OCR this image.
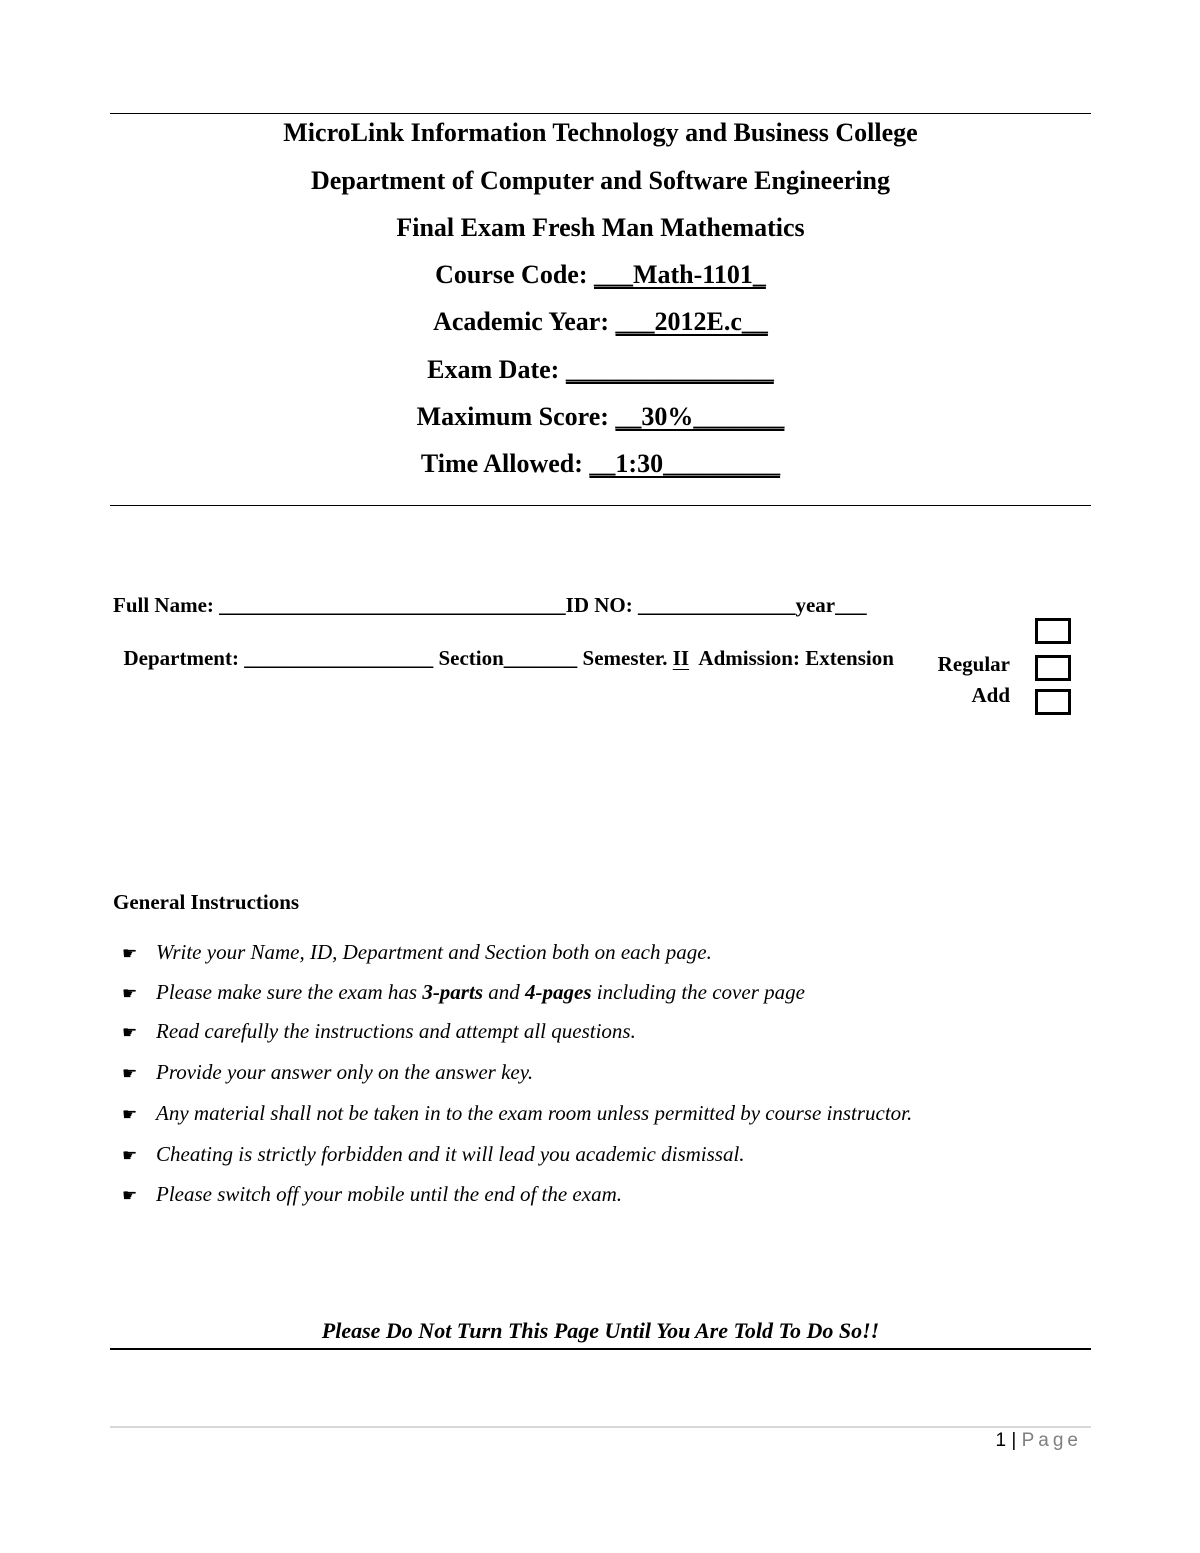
MicroLink Information Technology and Business College
Department of Computer and Software Engineering
Final Exam Fresh Man Mathematics
Course Code: ___Math-1101_
Academic Year: ___2012E.c__
Exam Date: ________________
Maximum Score: __30%_______
Time Allowed: __1:30_________
Full Name: _________________________________ID NO: _______________year___

Department: __________________ Section_______ Semester. II  Admission: Extension Regular
Add
General Instructions
☛ Write your Name, ID, Department and Section both on each page.
☛ Please make sure the exam has 3-parts and 4-pages including the cover page
☛ Read carefully the instructions and attempt all questions.
☛ Provide your answer only on the answer key.
☛ Any material shall not be taken in to the exam room unless permitted by course instructor.
☛ Cheating is strictly forbidden and it will lead you academic dismissal.
☛ Please switch off your mobile until the end of the exam.
Please Do Not Turn This Page Until You Are Told To Do So!!
1 | Page
